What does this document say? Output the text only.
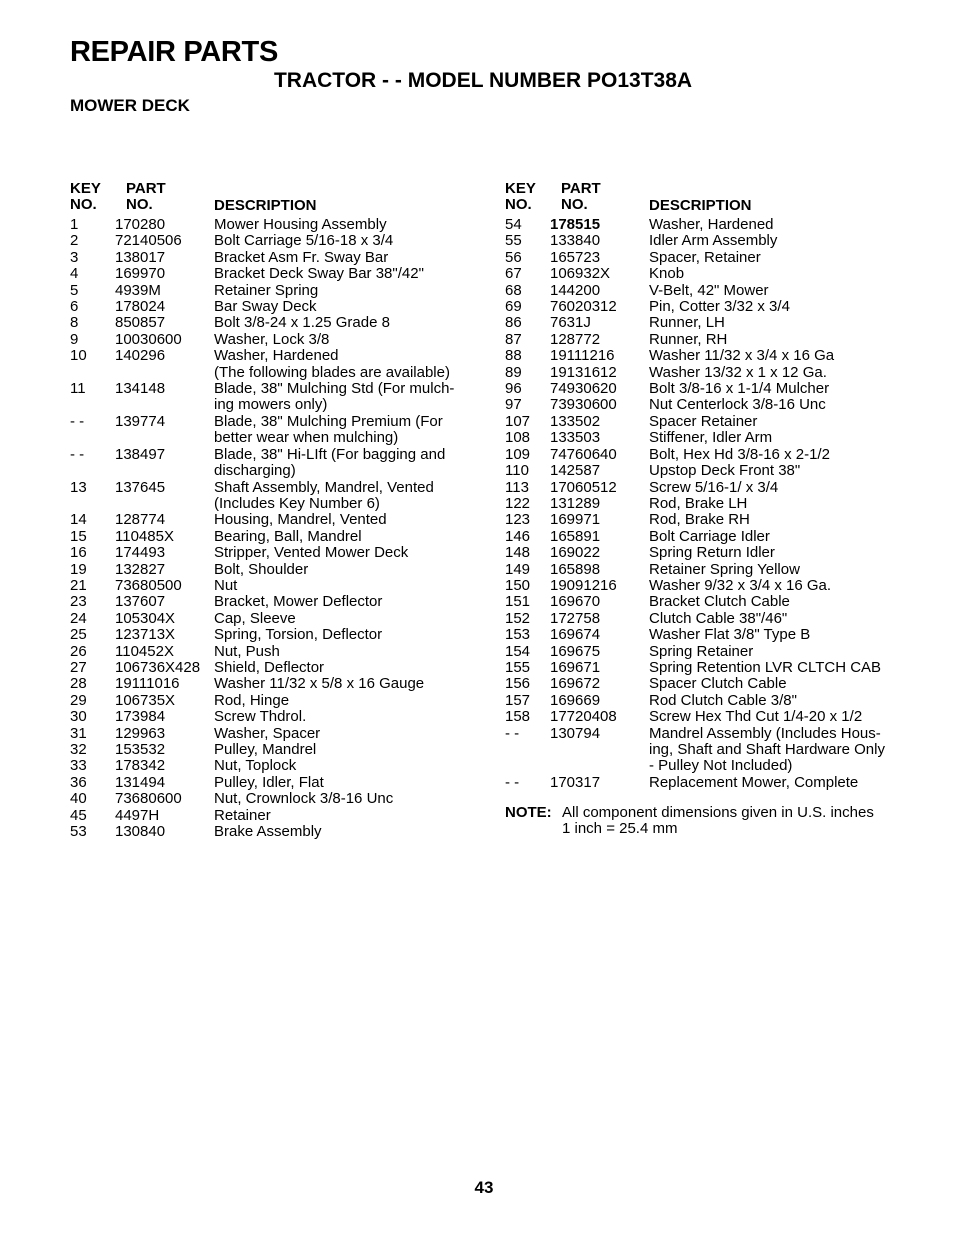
REPAIR PARTS
TRACTOR - - MODEL NUMBER PO13T38A
MOWER DECK
KEY
NO.
PART
NO.	DESCRIPTION
1 170280	Mower Housing Assembly
2 72140506 Bolt Carriage 5/16-18 x 3/4
3 138017	Bracket Asm Fr. Sway Bar
4 169970	Bracket Deck Sway Bar 38"/42"
5 4939M	Retainer Spring
6 178024	Bar Sway Deck
8 850857	Bolt 3/8-24 x 1.25 Grade 8
9 10030600 Washer, Lock 3/8
10 140296	Washer, Hardened
(The following blades are available)
11 134148	Blade, 38" Mulching Std (For mulch-
ing mowers only)
- - 139774	Blade, 38" Mulching Premium (For
better wear when mulching)
- - 138497	Blade, 38" Hi-LIft (For bagging and
discharging)
13 137645	Shaft Assembly, Mandrel, Vented
(Includes Key Number 6)
14 128774	Housing, Mandrel, Vented
15 110485X	Bearing, Ball, Mandrel
16 174493	Stripper, Vented Mower Deck
19 132827	Bolt, Shoulder
21 73680500 Nut
23 137607	Bracket, Mower Deflector
24 105304X	Cap, Sleeve
25 123713X	Spring, Torsion, Deflector
26 110452X	Nut, Push
27 106736X428 Shield, Deflector
28 19111016 Washer 11/32 x 5/8 x 16 Gauge
29 106735X	Rod, Hinge
30 173984	Screw Thdrol.
31 129963	Washer, Spacer
32 153532	Pulley, Mandrel
33 178342	Nut, Toplock
36 131494	Pulley, Idler, Flat
40 73680600 Nut, Crownlock 3/8-16 Unc
45 4497H	Retainer
53 130840	Brake Assembly
KEY
NO.
PART
NO.	DESCRIPTION
54 178515	Washer, Hardened
55 133840	Idler Arm Assembly
56 165723	Spacer, Retainer
67 106932X	Knob
68 144200	V-Belt, 42" Mower
69 76020312 Pin, Cotter 3/32 x 3/4
86 7631J	Runner, LH
87 128772	Runner, RH
88 19111216 Washer 11/32 x 3/4 x 16 Ga
89 19131612 Washer 13/32 x 1 x 12 Ga.
96 74930620 Bolt 3/8-16 x 1-1/4 Mulcher
97 73930600 Nut Centerlock 3/8-16 Unc
107 133502	Spacer Retainer
108 133503	Stiffener, Idler Arm
109 74760640 Bolt, Hex Hd 3/8-16 x 2-1/2
110 142587	Upstop Deck Front 38"
113 17060512 Screw 5/16-1/ x 3/4
122 131289	Rod, Brake LH
123 169971	Rod, Brake RH
146 165891	Bolt Carriage Idler
148 169022	Spring Return Idler
149 165898	Retainer Spring Yellow
150 19091216 Washer 9/32 x 3/4 x 16 Ga.
151 169670	Bracket Clutch Cable
152 172758	Clutch Cable 38"/46"
153 169674	Washer Flat 3/8" Type B
154 169675	Spring Retainer
155 169671	Spring Retention LVR CLTCH CAB
156 169672	Spacer Clutch Cable
157 169669	Rod Clutch Cable 3/8"
158 17720408 Screw Hex Thd Cut 1/4-20 x 1/2
- - 130794	Mandrel Assembly (Includes Hous-
ing, Shaft and Shaft Hardware Only
- Pulley Not Included)
- - 170317	Replacement Mower, Complete
NOTE: All component dimensions given in U.S. inches
1 inch = 25.4 mm
43
